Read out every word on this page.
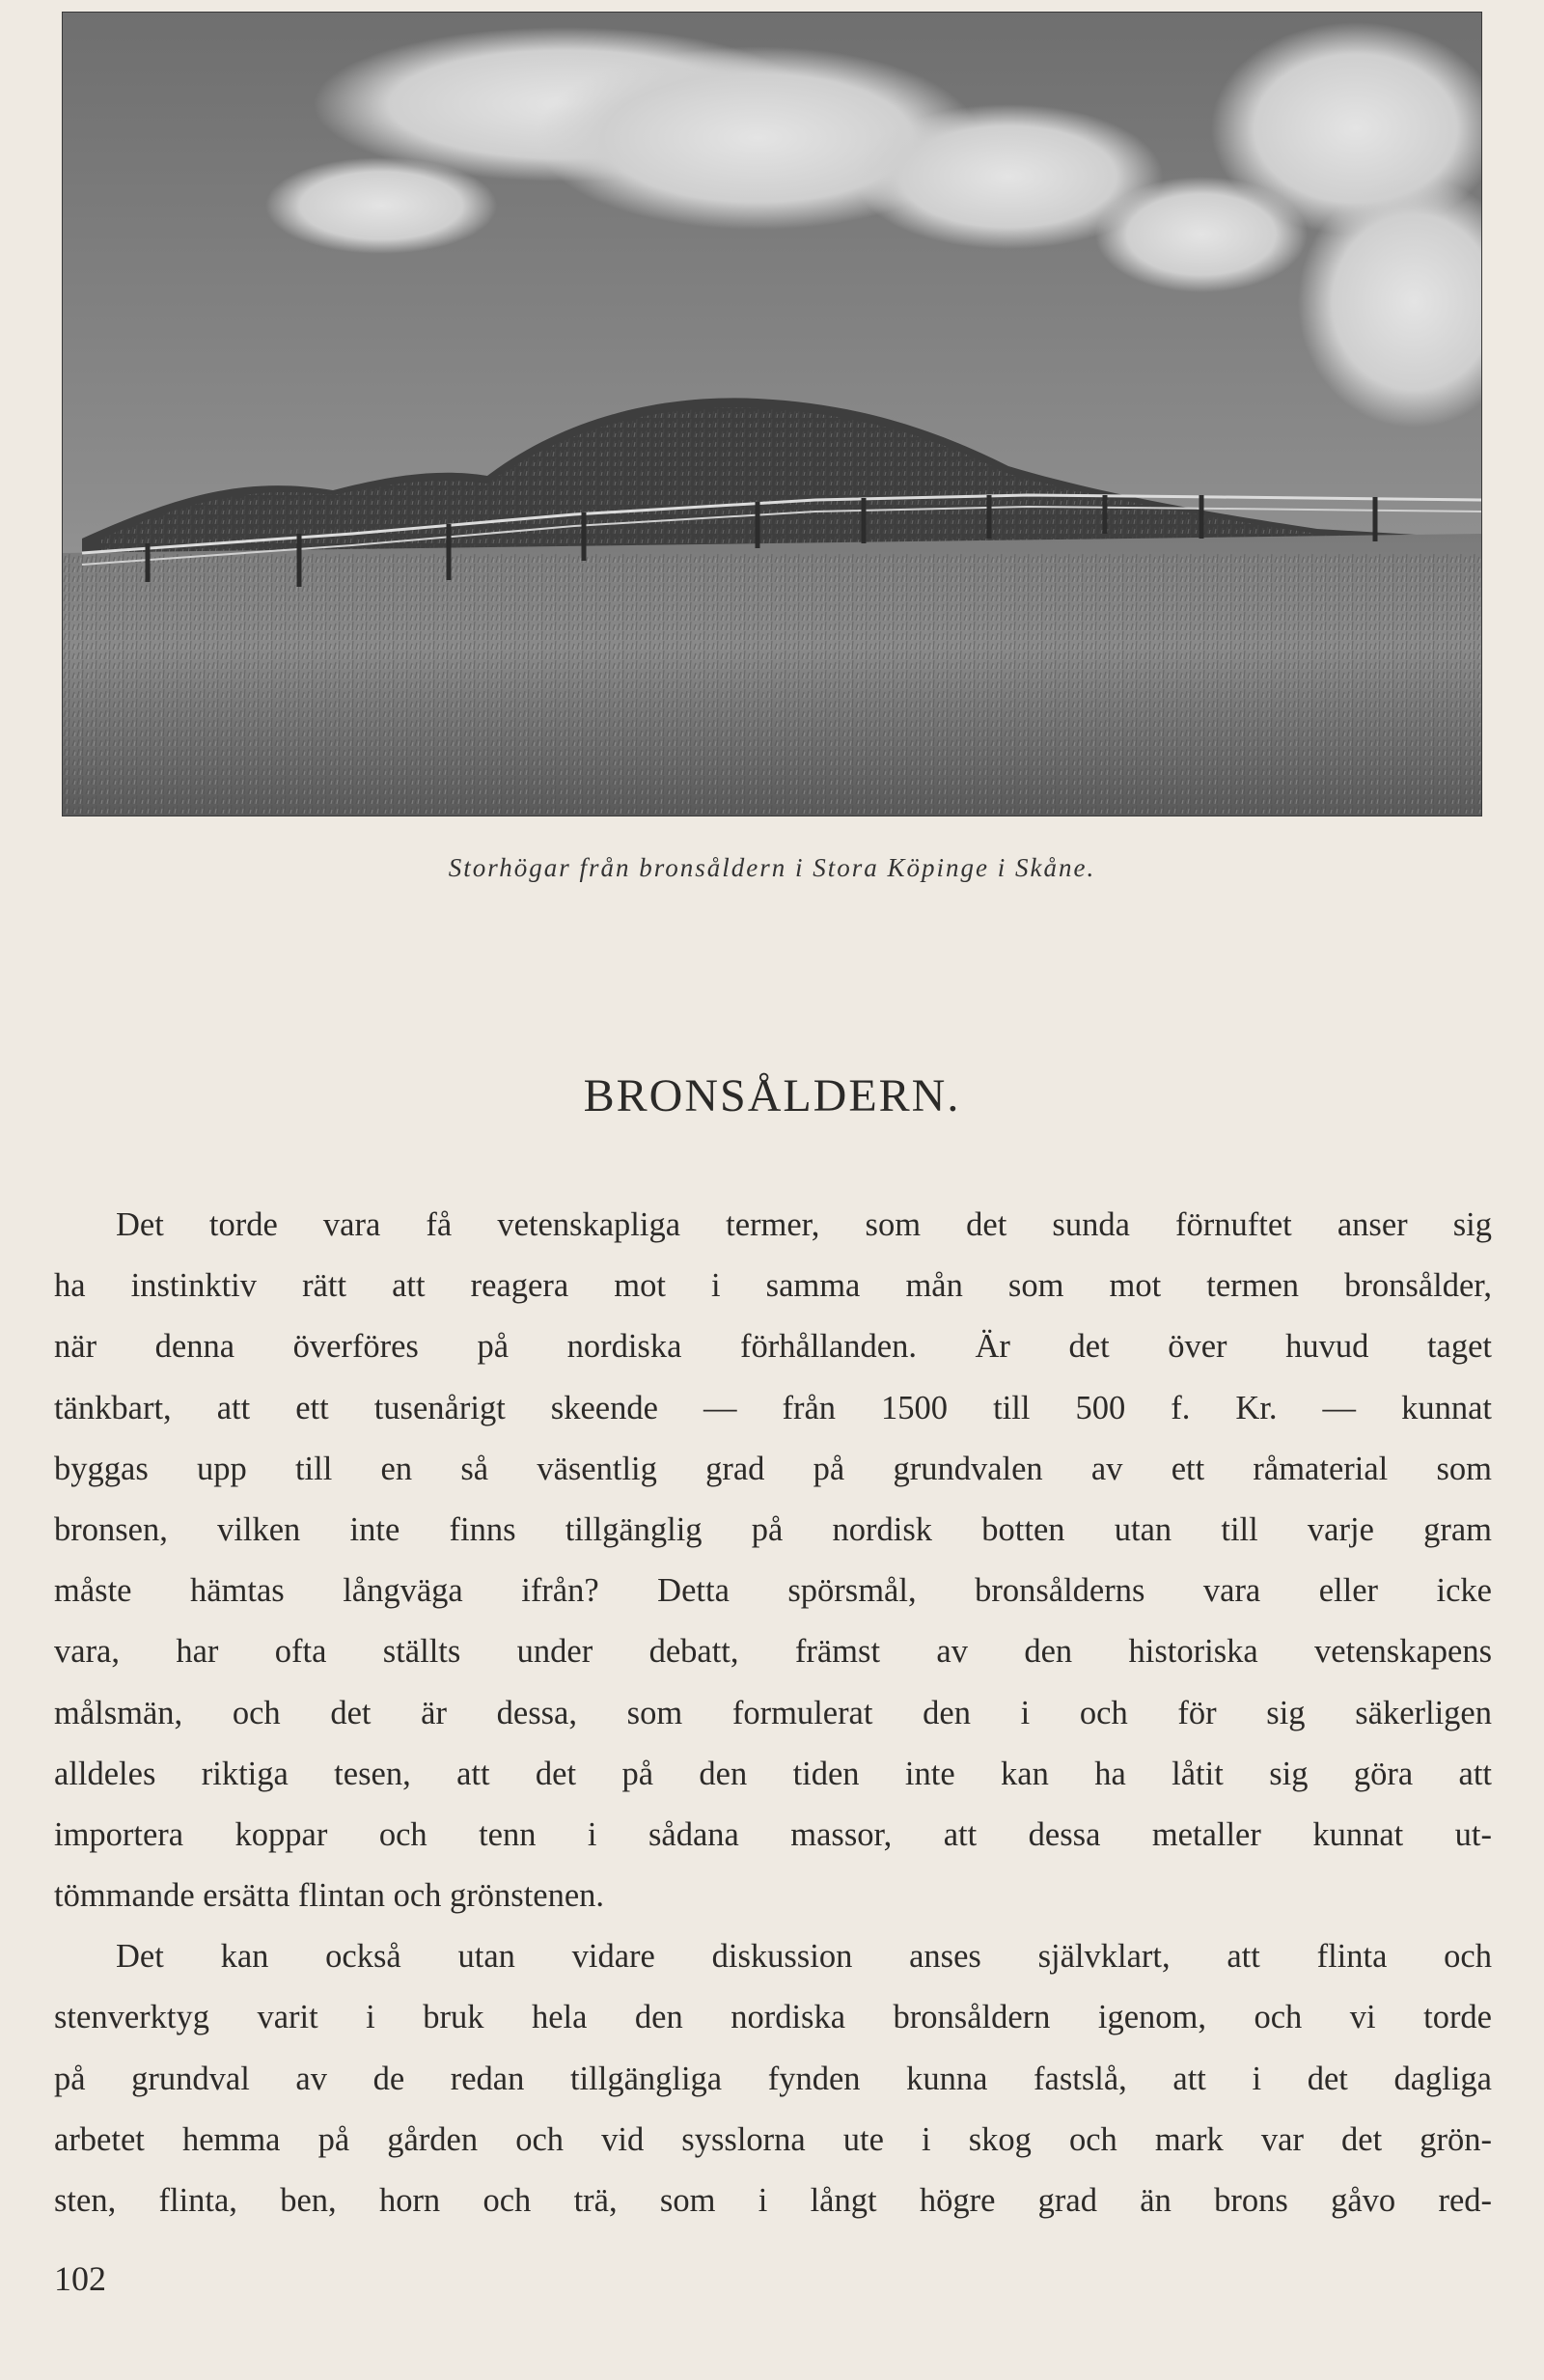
Storhögar från bronsåldern i Stora Köpinge i Skåne.
BRONSÅLDERN.
Det torde vara få vetenskapliga termer, som det sunda förnuftet anser sig
ha instinktiv rätt att reagera mot i samma mån som mot termen bronsålder,
när denna överföres på nordiska förhållanden. Är det över huvud taget
tänkbart, att ett tusenårigt skeende — från 1500 till 500 f. Kr. — kunnat
byggas upp till en så väsentlig grad på grundvalen av ett råmaterial som
bronsen, vilken inte finns tillgänglig på nordisk botten utan till varje gram
måste hämtas långväga ifrån? Detta spörsmål, bronsålderns vara eller icke
vara, har ofta ställts under debatt, främst av den historiska vetenskapens
målsmän, och det är dessa, som formulerat den i och för sig säkerligen
alldeles riktiga tesen, att det på den tiden inte kan ha låtit sig göra att
importera koppar och tenn i sådana massor, att dessa metaller kunnat ut-
tömmande ersätta flintan och grönstenen.
Det kan också utan vidare diskussion anses självklart, att flinta och
stenverktyg varit i bruk hela den nordiska bronsåldern igenom, och vi torde
på grundval av de redan tillgängliga fynden kunna fastslå, att i det dagliga
arbetet hemma på gården och vid sysslorna ute i skog och mark var det grön-
sten, flinta, ben, horn och trä, som i långt högre grad än brons gåvo red-
102
